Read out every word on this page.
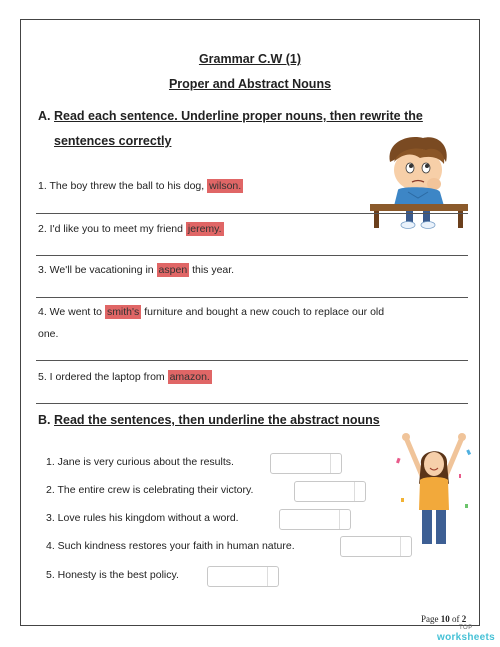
Grammar C.W (1)
Proper and Abstract Nouns
A. Read each sentence. Underline proper nouns, then rewrite the
sentences correctly
1. The boy threw the ball to his dog, wilson.
2. I'd like you to meet my friend jeremy.
3. We'll be vacationing in aspen this year.
4. We went to smith's furniture and bought a new couch to replace our old
one.
5. I ordered the laptop from amazon.
B. Read the sentences, then underline the abstract nouns
1. Jane is very curious about the results.
2. The entire crew is celebrating their victory.
3. Love rules his kingdom without a word.
4. Such kindness restores your faith in human nature.
5. Honesty is the best policy.
Page 10 of 2
TOP
worksheets
